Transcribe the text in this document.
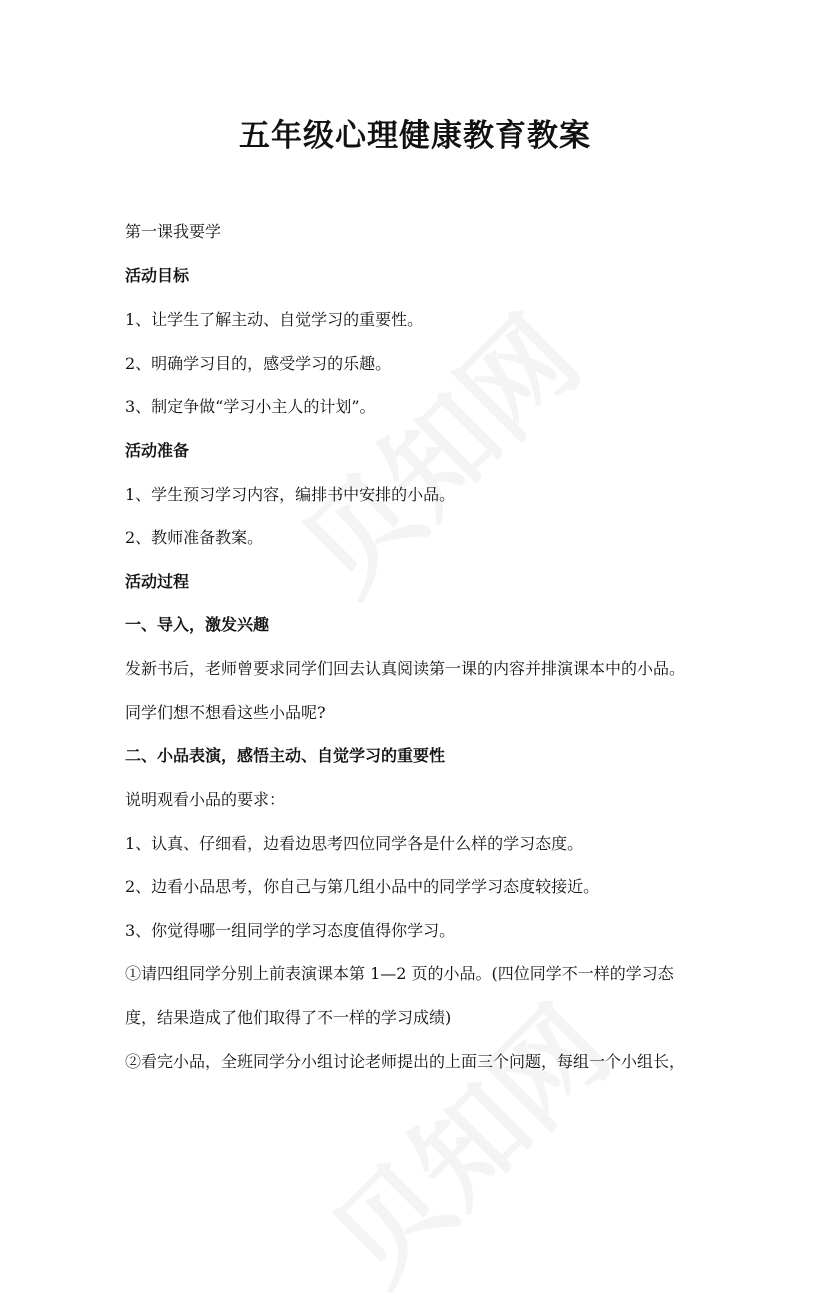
五年级心理健康教育教案

第一课我要学

活动目标

1、让学生了解主动、自觉学习的重要性。

2、明确学习目的，感受学习的乐趣。

3、制定争做“学习小主人的计划”。

活动准备

1、学生预习学习内容，编排书中安排的小品。

2、教师准备教案。

活动过程

一、导入，激发兴趣

发新书后，老师曾要求同学们回去认真阅读第一课的内容并排演课本中的小品。

同学们想不想看这些小品呢?

二、小品表演，感悟主动、自觉学习的重要性

说明观看小品的要求：

1、认真、仔细看，边看边思考四位同学各是什么样的学习态度。

2、边看小品思考，你自己与第几组小品中的同学学习态度较接近。

3、你觉得哪一组同学的学习态度值得你学习。

①请四组同学分别上前表演课本第 1—2 页的小品。(四位同学不一样的学习态

度，结果造成了他们取得了不一样的学习成绩)

②看完小品，全班同学分小组讨论老师提出的上面三个问题，每组一个小组长，
